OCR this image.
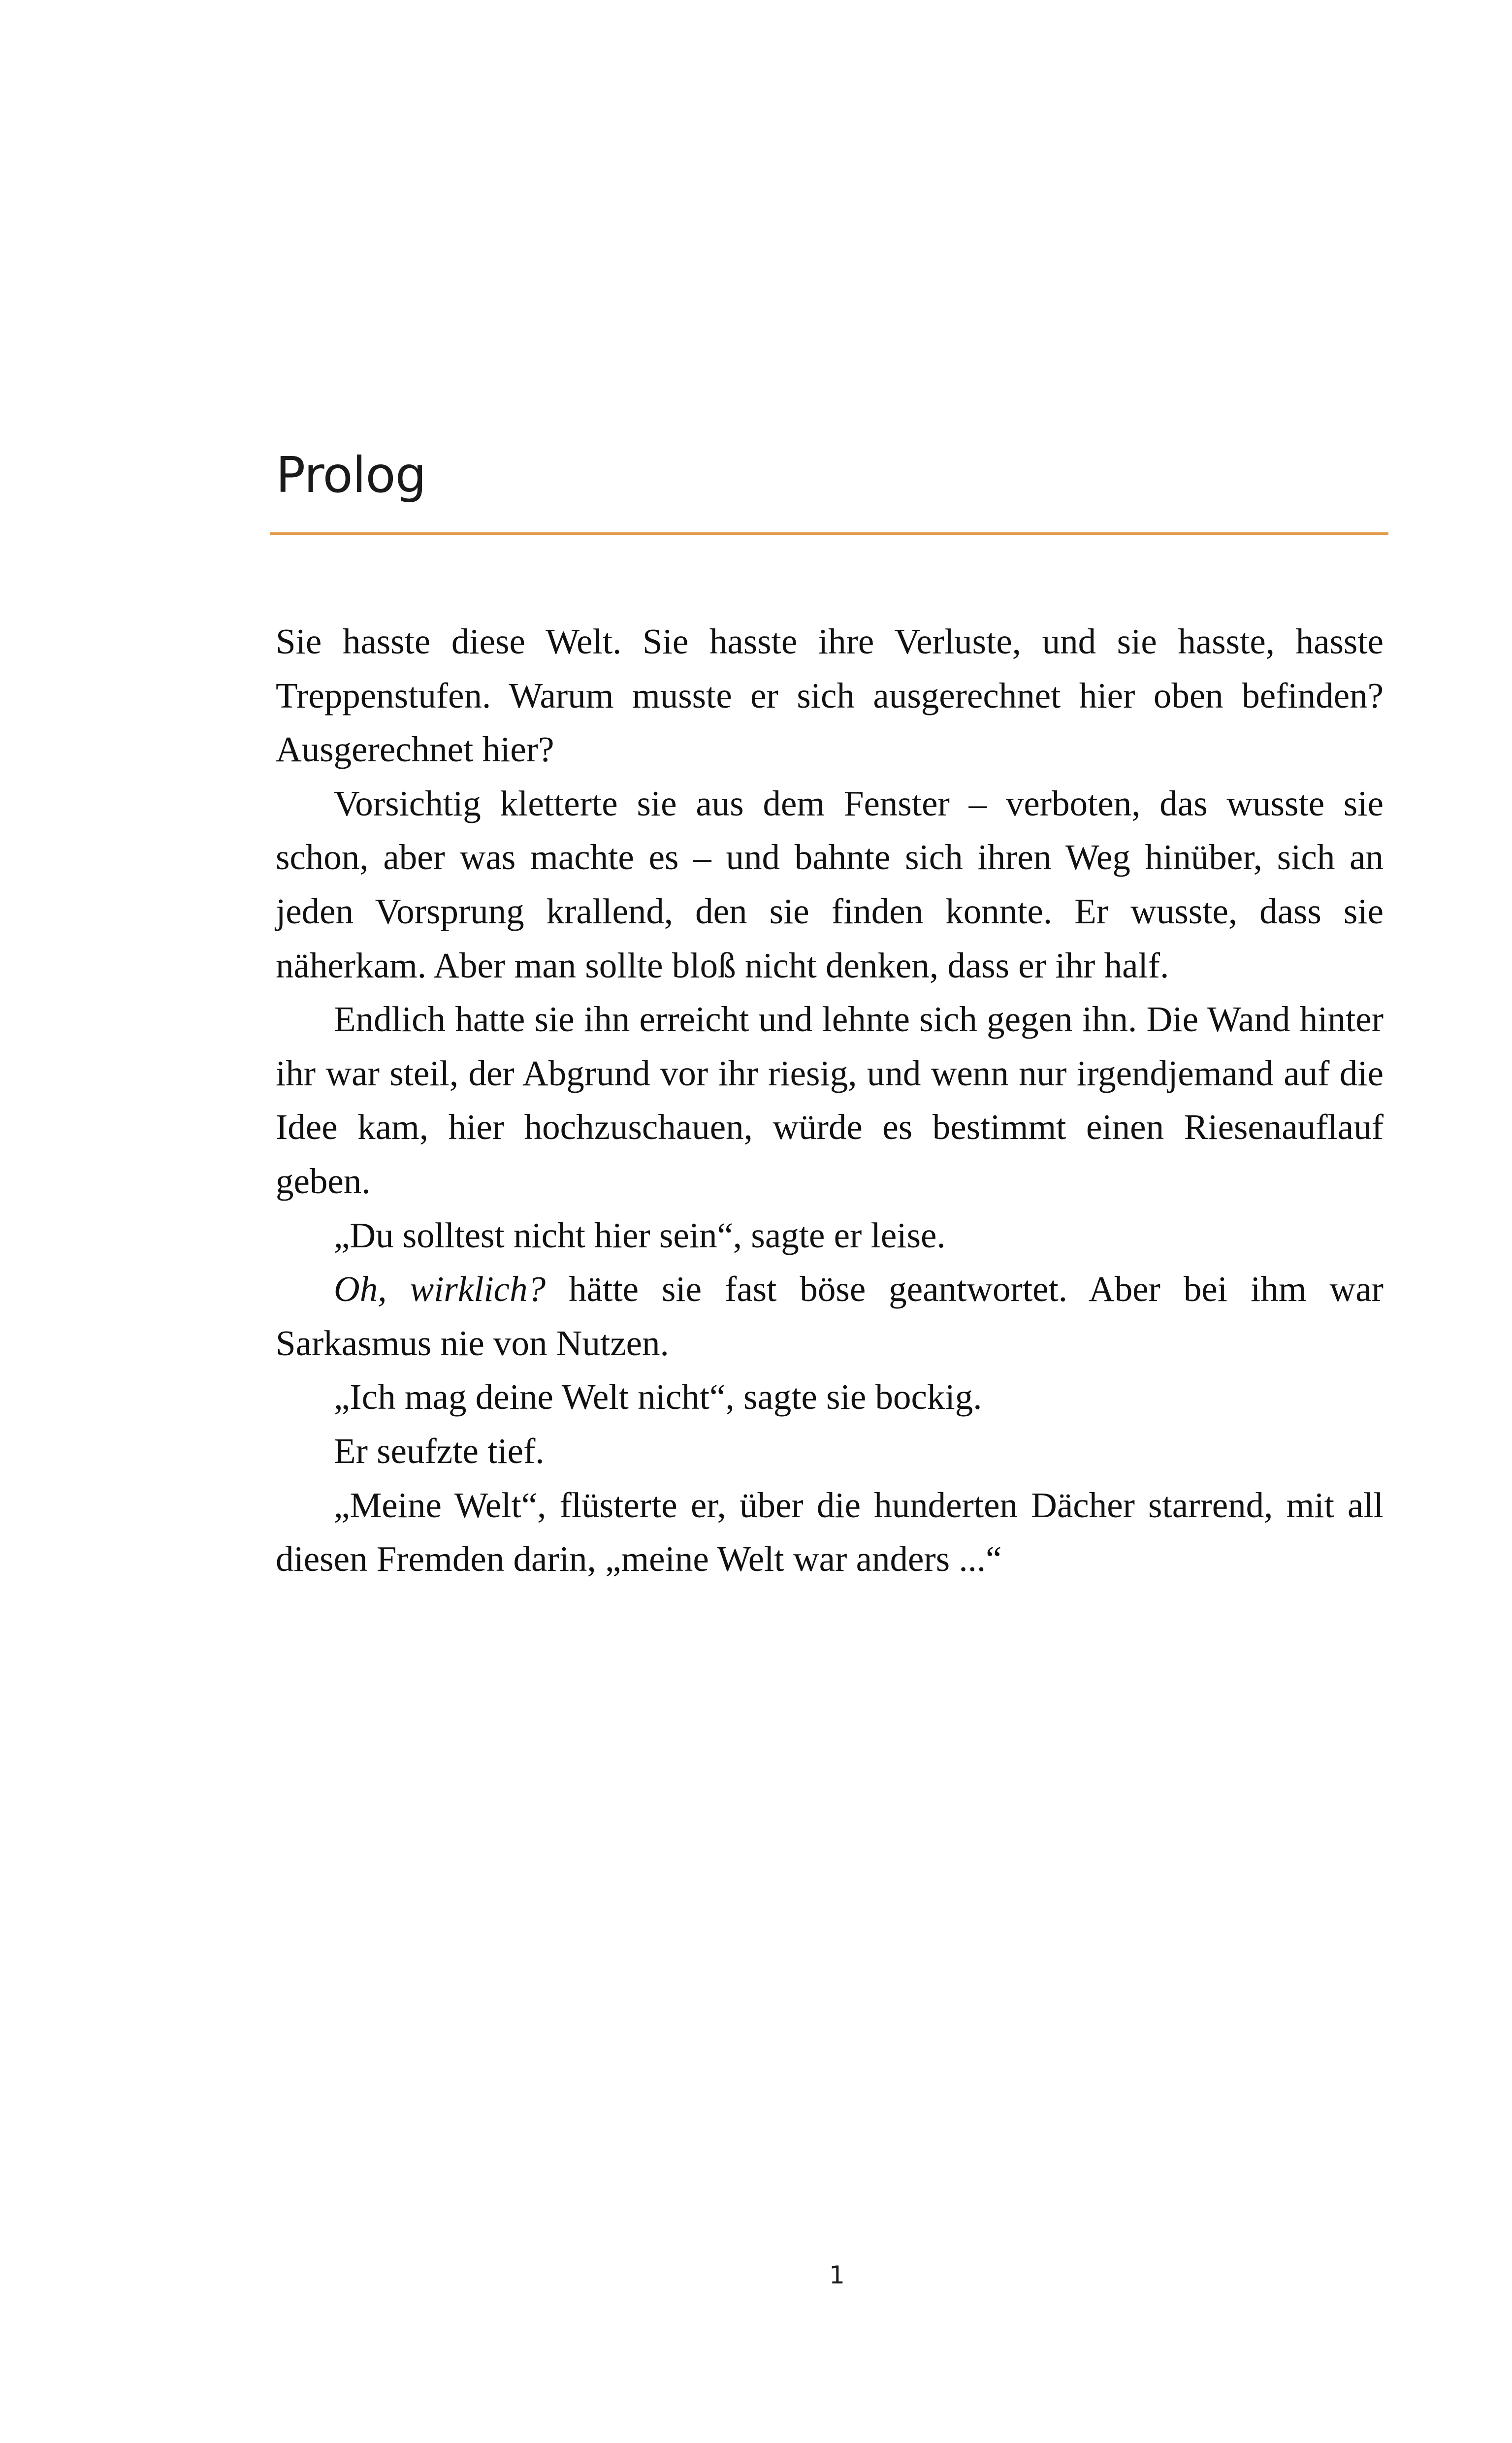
Prolog

Sie hasste diese Welt. Sie hasste ihre Verluste, und sie hasste, hasste Treppenstufen. Warum musste er sich ausgerechnet hier oben befinden? Ausgerechnet hier?

Vorsichtig kletterte sie aus dem Fenster – verboten, das wusste sie schon, aber was machte es – und bahnte sich ihren Weg hinüber, sich an jeden Vorsprung krallend, den sie finden konnte. Er wusste, dass sie näherkam. Aber man sollte bloß nicht denken, dass er ihr half.

Endlich hatte sie ihn erreicht und lehnte sich gegen ihn. Die Wand hinter ihr war steil, der Abgrund vor ihr riesig, und wenn nur irgendjemand auf die Idee kam, hier hochzuschauen, würde es bestimmt einen Riesenauflauf geben.

„Du solltest nicht hier sein“, sagte er leise.

Oh, wirklich? hätte sie fast böse geantwortet. Aber bei ihm war Sarkasmus nie von Nutzen.

„Ich mag deine Welt nicht“, sagte sie bockig.

Er seufzte tief.

„Meine Welt“, flüsterte er, über die hunderten Dächer starrend, mit all diesen Fremden darin, „meine Welt war anders ...“

1
